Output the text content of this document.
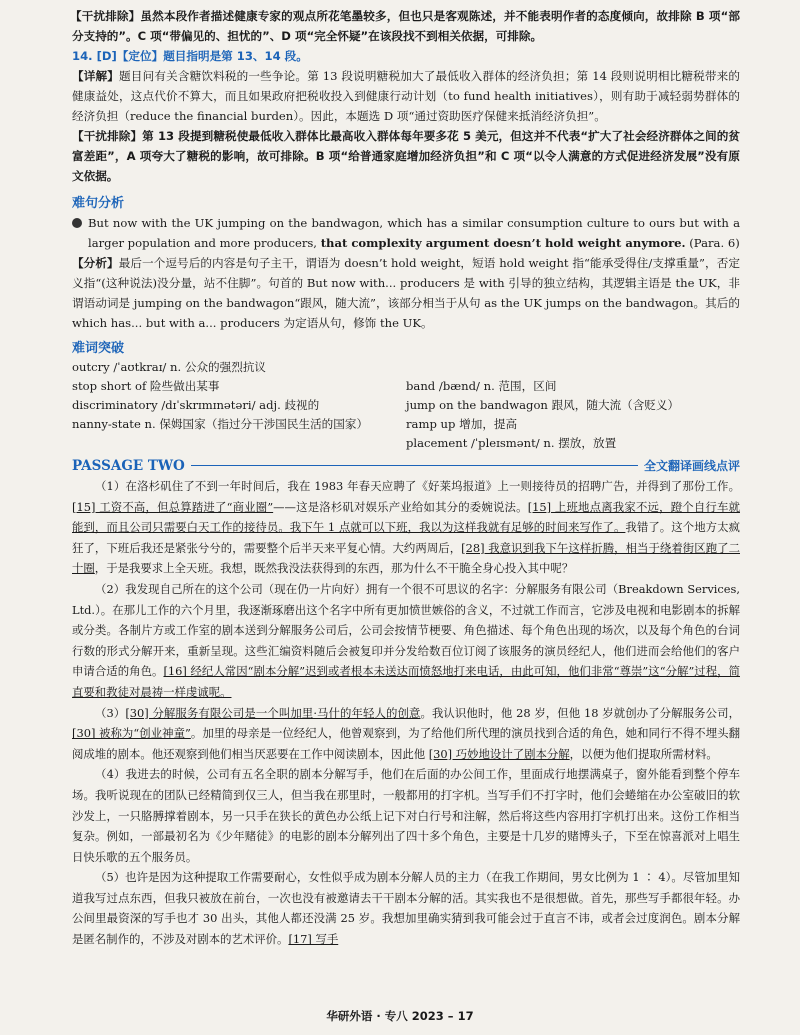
【干扰排除】虽然本段作者描述健康专家的观点所花笔墨较多，但也只是客观陈述，并不能表明作者的态度倾向，故排除 B 项“部分支持的”。C 项“带偏见的、担忧的”、D 项“完全怀疑”在该段找不到相关依据，可排除。

14. [D]【定位】题目指明是第 13、14 段。

【详解】题目问有关含糖饮料税的一些争论。第 13 段说明糖税加大了最低收入群体的经济负担；第 14 段则说明相比糖税带来的健康益处，这点代价不算大，而且如果政府把税收投入到健康行动计划（to fund health initiatives），则有助于减轻弱势群体的经济负担（reduce the financial burden）。因此，本题选 D 项“通过资助医疗保健来抵消经济负担”。

【干扰排除】第 13 段提到糖税使最低收入群体比最高收入群体每年要多花 5 美元，但这并不代表“扩大了社会经济群体之间的贫富差距”，A 项夸大了糖税的影响，故可排除。B 项“给普通家庭增加经济负担”和 C 项“以令人满意的方式促进经济发展”没有原文依据。

难句分析

But now with the UK jumping on the bandwagon, which has a similar consumption culture to ours but with a larger population and more producers, that complexity argument doesn’t hold weight anymore. (Para. 6)

【分析】最后一个逗号后的内容是句子主干，谓语为 doesn’t hold weight，短语 hold weight 指“能承受得住/支撑重量”，否定义指“(这种说法)没分量，站不住脚”。句首的 But now with... producers 是 with 引导的独立结构，其逻辑主语是 the UK，非谓语动词是 jumping on the bandwagon“跟风，随大流”，该部分相当于从句 as the UK jumps on the bandwagon。其后的 which has... but with a... producers 为定语从句，修饰 the UK。

难词突破
outcry /ˈaʊtkraɪ/ n. 公众的强烈抗议
stop short of 险些做出某事
discriminatory /dɪˈskrɪmɪnətəri/ adj. 歧视的
nanny-state n. 保姆国家（指过分干涉国民生活的国家）
band /bænd/ n. 范围，区间
jump on the bandwagon 跟风，随大流（含贬义）
ramp up 增加，提高
placement /ˈpleɪsmənt/ n. 摆放，放置
PASSAGE TWO	全文翻译画线点评

（1）在洛杉矶住了不到一年时间后，我在 1983 年春天应聘了《好莱坞报道》上一则接待员的招聘广告，并得到了那份工作。[15] 工资不高，但总算踏进了“商业圈”——这是洛杉矶对娱乐产业给如其分的委婉说法。[15] 上班地点离我家不远，蹬个自行车就能到，而且公司只需要白天工作的接待员。我下午 1 点就可以下班，我以为这样我就有足够的时间来写作了。我错了。这个地方太疯狂了，下班后我还是紧张兮兮的，需要整个后半天来平复心情。大约两周后，[28] 我意识到我下午这样折腾，相当于绕着街区跑了二十圈，于是我要求上全天班。我想，既然我没法获得到的东西，那为什么不干脆全身心投入其中呢？

（2）我发现自己所在的这个公司（现在仍一片向好）拥有一个很不可思议的名字：分解服务有限公司（Breakdown Services, Ltd.）。在那儿工作的六个月里，我逐渐琢磨出这个名字中所有更加愤世嫉俗的含义，不过就工作而言，它涉及电视和电影剧本的拆解或分类。各制片方或工作室的剧本送到分解服务公司后，公司会按情节梗要、角色描述、每个角色出现的场次，以及每个角色的台词行数的形式分解开来，重新呈现。这些汇编资料随后会被复印并分发给数百位订阅了该服务的演员经纪人，他们进而会给他们的客户申请合适的角色。[16] 经纪人常因“剧本分解”迟到或者根本未送达而愤怒地打来电话，由此可知，他们非常“尊崇”这“分解”过程，简直要和教徒对晨祷一样虔诚呢。

（3）[30] 分解服务有限公司是一个叫加里·马什的年轻人的创意。我认识他时，他 28 岁，但他 18 岁就创办了分解服务公司，[30] 被称为“创业神童”。加里的母亲是一位经纪人，他曾观察到，为了给他们所代理的演员找到合适的角色，她和同行不得不埋头翻阅成堆的剧本。他还观察到他们相当厌恶要在工作中阅读剧本，因此他 [30] 巧妙地设计了剧本分解，以便为他们提取所需材料。

（4）我进去的时候，公司有五名全职的剧本分解写手，他们在后面的办公间工作，里面成行地摆满桌子，窗外能看到整个停车场。我听说现在的团队已经精简到仅三人，但当我在那里时，一般都用的打字机。当写手们不打字时，他们会蜷缩在办公室破旧的软沙发上，一只胳膊撑着剧本，另一只手在狭长的黄色办公纸上记下对白行号和注解，然后将这些内容用打字机打出来。这份工作相当复杂。例如，一部最初名为《少年赌徒》的电影的剧本分解列出了四十多个角色，主要是十几岁的赌博头子，下至在惊喜派对上唱生日快乐歌的五个服务员。

（5）也许是因为这种提取工作需要耐心，女性似乎成为剧本分解人员的主力（在我工作期间，男女比例为 1 ∶ 4）。尽管加里知道我写过点东西，但我只被放在前台，一次也没有被邀请去干干剧本分解的活。其实我也不是很想做。首先，那些写手都很年轻。办公间里最资深的写手也才 30 出头，其他人都还没满 25 岁。我想加里确实猜到我可能会过于直言不讳，或者会过度润色。剧本分解是匿名制作的，不涉及对剧本的艺术评价。[17] 写手

华研外语 · 专八 2023 – 17
